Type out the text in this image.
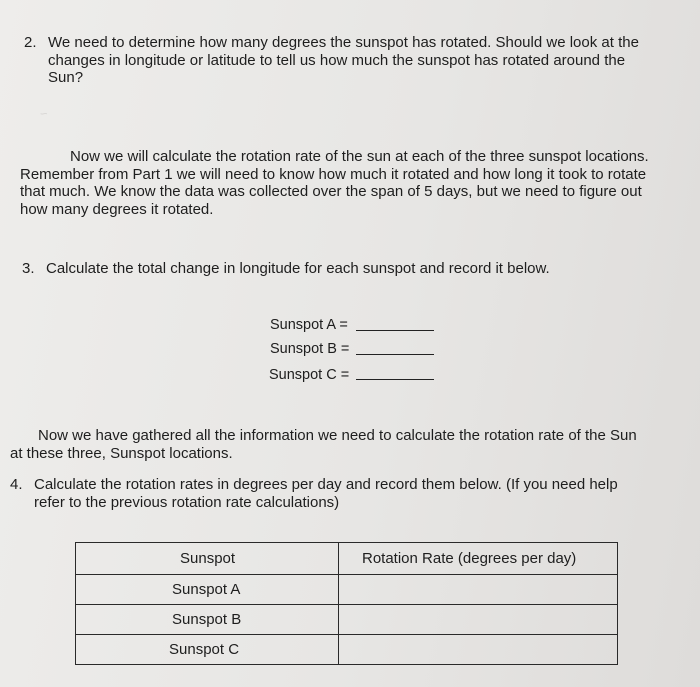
~
2. We need to determine how many degrees the sunspot has rotated. Should we look at the
changes in longitude or latitude to tell us how much the sunspot has rotated around the
Sun?

Now we will calculate the rotation rate of the sun at each of the three sunspot locations.
Remember from Part 1 we will need to know how much it rotated and how long it took to rotate
that much. We know the data was collected over the span of 5 days, but we need to figure out
how many degrees it rotated.

3. Calculate the total change in longitude for each sunspot and record it below.
Sunspot A =
Sunspot B =
Sunspot C =

Now we have gathered all the information we need to calculate the rotation rate of the Sun
at these three, Sunspot locations.

4. Calculate the rotation rates in degrees per day and record them below. (If you need help
refer to the previous rotation rate calculations)

Sunspot	Rotation Rate (degrees per day)
Sunspot A	
Sunspot B	
Sunspot C	
